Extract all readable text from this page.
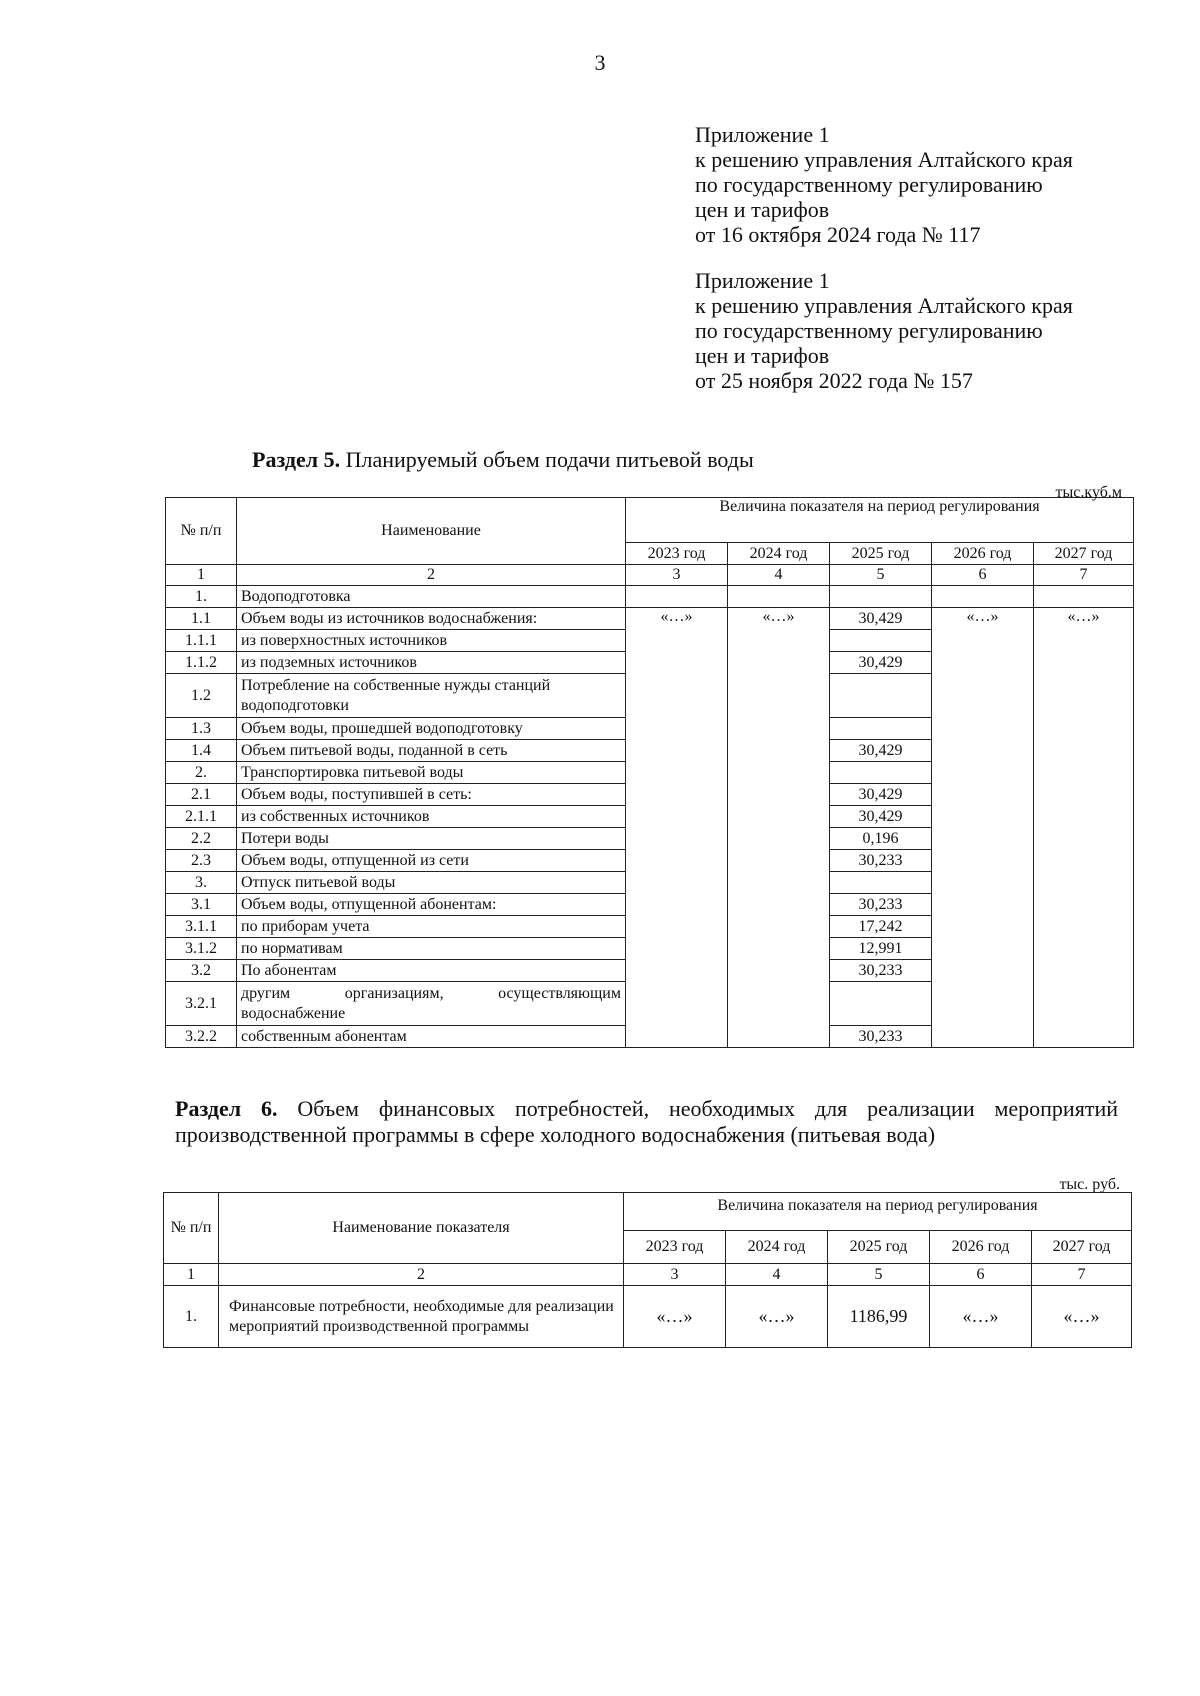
3
Приложение 1
к решению управления Алтайского края
по государственному регулированию
цен и тарифов
от 16 октября 2024 года № 117
Приложение 1
к решению управления Алтайского края
по государственному регулированию
цен и тарифов
от 25 ноября 2022 года № 157
Раздел 5. Планируемый объем подачи питьевой воды
тыс.куб.м
№ п/п	Наименование	Величина показателя на период регулирования				
		2023 год	2024 год	2025 год	2026 год	2027 год
1	2	3	4	5	6	7
1.	Водоподготовка					
1.1	Объем воды из источников водоснабжения:	«…»	«…»	30,429	«…»	«…»
1.1.1	из поверхностных источников					
1.1.2	из подземных источников			30,429		
1.2	Потребление на собственные нужды станций водоподготовки					
1.3	Объем воды, прошедшей водоподготовку					
1.4	Объем питьевой воды, поданной в сеть			30,429		
2.	Транспортировка питьевой воды					
2.1	Объем воды, поступившей в сеть:			30,429		
2.1.1	из собственных источников			30,429		
2.2	Потери воды			0,196		
2.3	Объем воды, отпущенной из сети			30,233		
3.	Отпуск питьевой воды					
3.1	Объем воды, отпущенной абонентам:			30,233		
3.1.1	по приборам учета			17,242		
3.1.2	по нормативам			12,991		
3.2	По абонентам			30,233		
3.2.1	другим организациям, осуществляющим водоснабжение					
3.2.2	собственным абонентам			30,233		
Раздел 6. Объем финансовых потребностей, необходимых для реализации мероприятий производственной программы в сфере холодного водоснабжения (питьевая вода)
тыс. руб.
№ п/п	Наименование показателя	Величина показателя на период регулирования				
		2023 год	2024 год	2025 год	2026 год	2027 год
1	2	3	4	5	6	7
1.	Финансовые потребности, необходимые для реализации мероприятий производственной программы	«…»	«…»	1186,99	«…»	«…»
